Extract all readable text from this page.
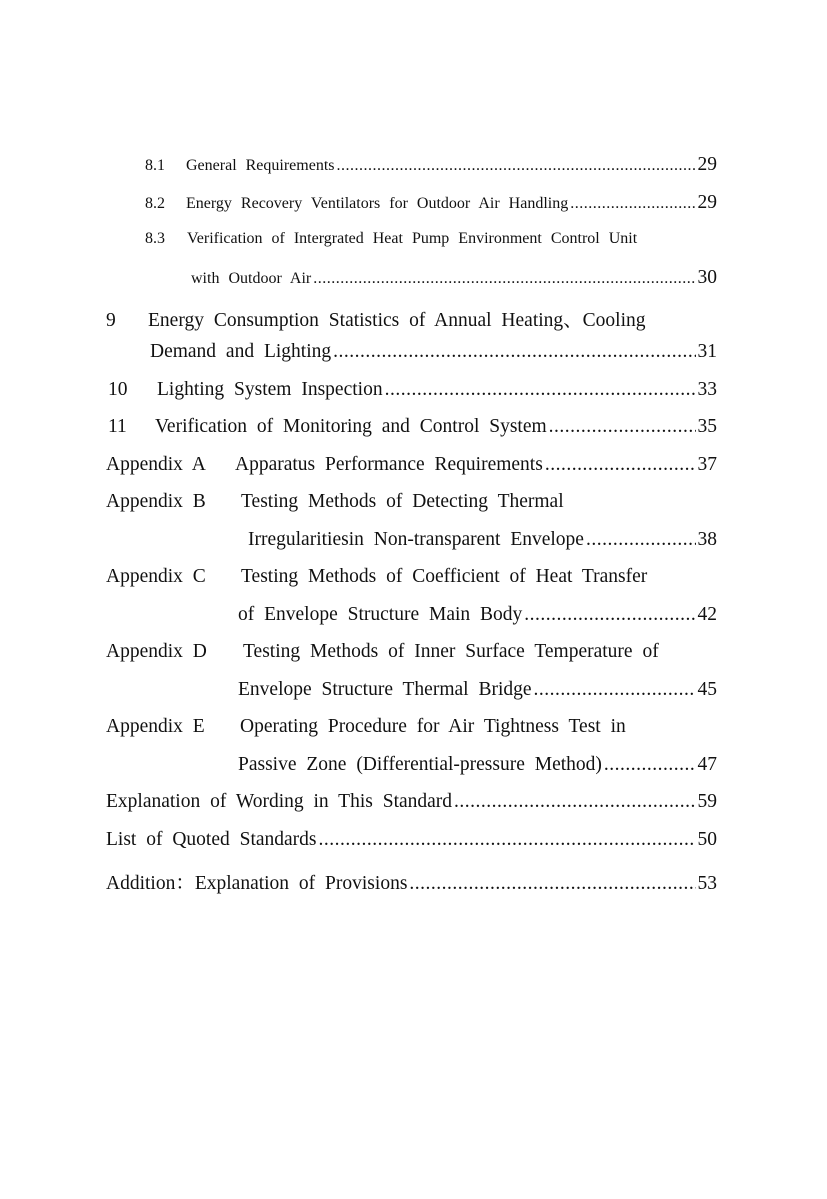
8.1	General Requirements .....	29
8.2	Energy Recovery Ventilators for Outdoor Air Handling .....	29
8.3 Verification of Intergrated Heat Pump Environment Control Unit
with Outdoor Air .....	30
9 Energy Consumption Statistics of Annual Heating、Cooling
Demand and Lighting .....	31
10	Lighting System Inspection .....	33
11	Verification of Monitoring and Control System .....	35
Appendix A	Apparatus Performance Requirements .....	37
Appendix B Testing Methods of Detecting Thermal
Irregularitiesin Non-transparent Envelope .....	38
Appendix C Testing Methods of Coefficient of Heat Transfer
of Envelope Structure Main Body .....	42
Appendix D Testing Methods of Inner Surface Temperature of
Envelope Structure Thermal Bridge .....	45
Appendix E Operating Procedure for Air Tightness Test in
Passive Zone (Differential-pressure Method) .....	47
Explanation of Wording in This Standard .....	59
List of Quoted Standards .....	50
Addition：Explanation of Provisions .....	53
